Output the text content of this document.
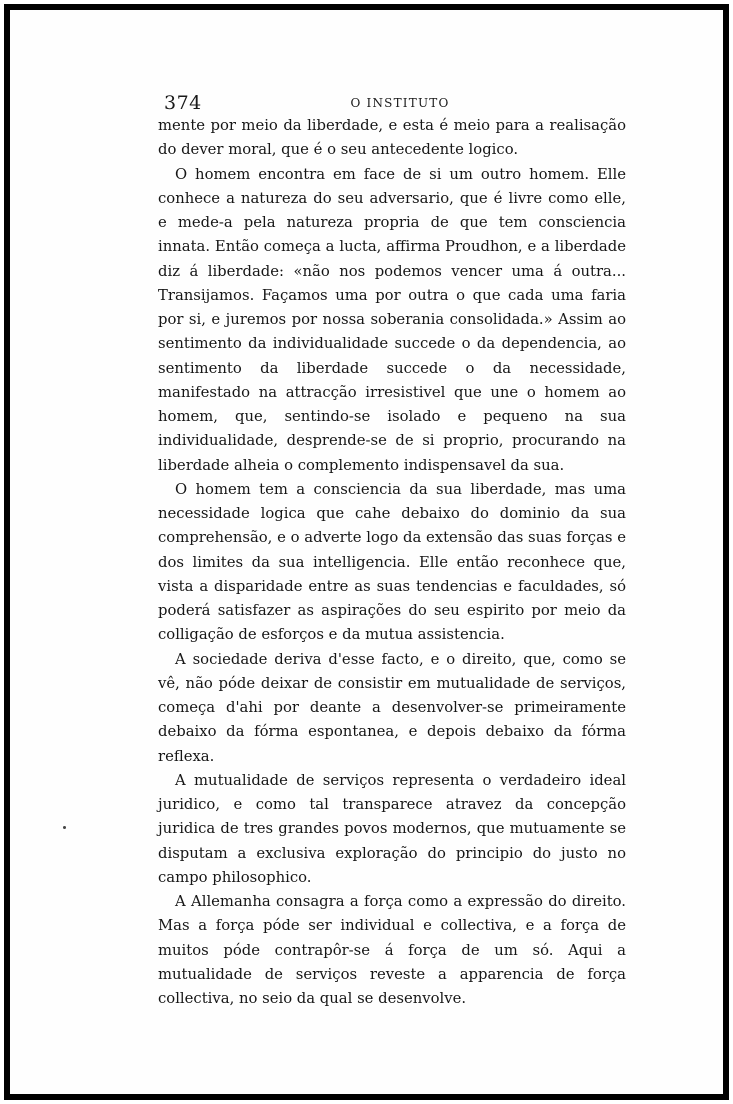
374	O INSTITUTO

mente por meio da liberdade, e esta é meio para a realisação do dever moral, que é o seu antecedente logico.

O homem encontra em face de si um outro homem. Elle conhece a natureza do seu adversario, que é livre como elle, e mede-a pela natureza propria de que tem consciencia innata. Então começa a lucta, affirma Proudhon, e a liberdade diz á liberdade: «não nos podemos vencer uma á outra... Transijamos. Façamos uma por outra o que cada uma faria por si, e juremos por nossa soberania consolidada.» Assim ao sentimento da individualidade succede o da dependencia, ao sentimento da liberdade succede o da necessidade, manifestado na attracção irresistivel que une o homem ao homem, que, sentindo-se isolado e pequeno na sua individualidade, desprende-se de si proprio, procurando na liberdade alheia o complemento indispensavel da sua.

O homem tem a consciencia da sua liberdade, mas uma necessidade logica que cahe debaixo do dominio da sua comprehensão, e o adverte logo da extensão das suas forças e dos limites da sua intelligencia. Elle então reconhece que, vista a disparidade entre as suas tendencias e faculdades, só poderá satisfazer as aspirações do seu espirito por meio da colligação de esforços e da mutua assistencia.

A sociedade deriva d'esse facto, e o direito, que, como se vê, não póde deixar de consistir em mutualidade de serviços, começa d'ahi por deante a desenvolver-se primeiramente debaixo da fórma espontanea, e depois debaixo da fórma reflexa.

A mutualidade de serviços representa o verdadeiro ideal juridico, e como tal transparece atravez da concepção juridica de tres grandes povos modernos, que mutuamente se disputam a exclusiva exploração do principio do justo no campo philosophico.

A Allemanha consagra a força como a expressão do direito. Mas a força póde ser individual e collectiva, e a força de muitos póde contrapôr-se á força de um só. Aqui a mutualidade de serviços reveste a apparencia de força collectiva, no seio da qual se desenvolve.
